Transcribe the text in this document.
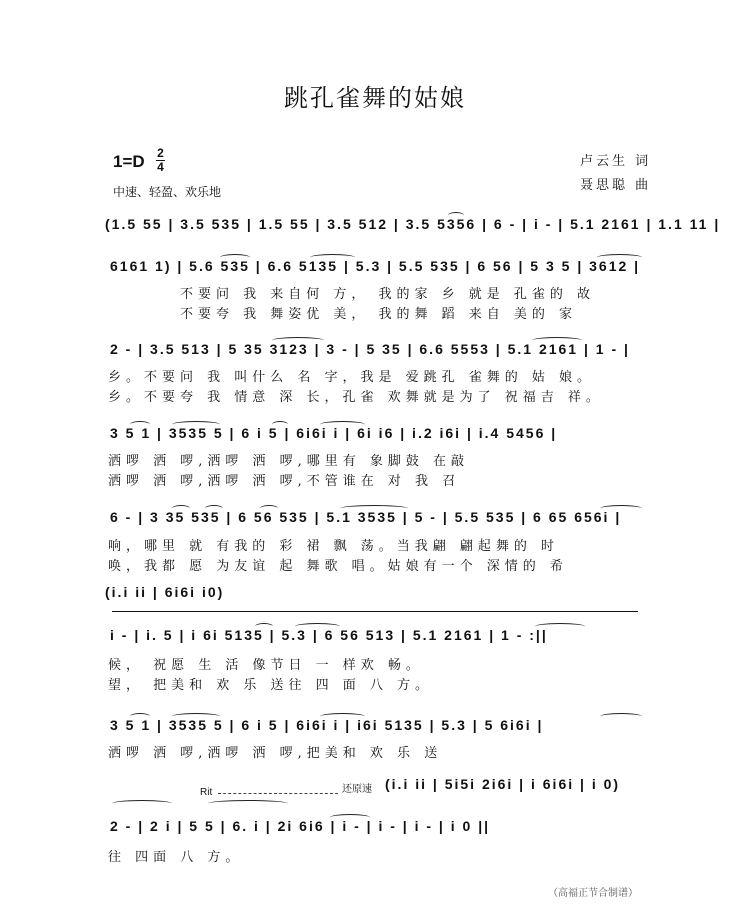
跳孔雀舞的姑娘
1=D 2
4
中速、轻盈、欢乐地
卢云生 词
聂思聪 曲
(1.5 55 | 3.5 535 | 1.5 55 | 3.5 512 | 3.5 5356 | 6 - | i - | 5.1 2161 | 1.1 11 |
6161 1) | 5.6 535 | 6.6 5135 | 5.3 | 5.5 535 | 6 56 | 5 3 5 | 3612 |
不要问 我 来自何 方， 我的家 乡 就是 孔雀的 故
不要夸 我 舞姿优 美， 我的舞 蹈 来自 美的 家
2 - | 3.5 513 | 5 35 3123 | 3 - | 5 35 | 6.6 5553 | 5.1 2161 | 1 - |
乡。不要问 我 叫什么 名 字，我是 爱跳孔 雀舞的 姑 娘。
乡。不要夸 我 情意 深 长，孔雀 欢舞就是为了 祝福吉 祥。
3 5 1 | 3535 5 | 6 i 5 | 6i6i i | 6i i6 | i.2 i6i | i.4 5456 |
洒啰 洒 啰,洒啰 洒 啰,哪里有 象脚鼓 在敲
洒啰 洒 啰,洒啰 洒 啰,不管谁在 对 我 召
6 - | 3 35 535 | 6 56 535 | 5.1 3535 | 5 - | 5.5 535 | 6 65 656i |
响，哪里 就 有我的 彩 裙 飘 荡。当我翩 翩起舞的 时
唤，我都 愿 为友谊 起 舞歌 唱。姑娘有一个 深情的 希
(i.i ii | 6i6i i0)
i - | i. 5 | i 6i 5135 | 5.3 | 6 56 513 | 5.1 2161 | 1 - :||
候， 祝愿 生 活 像节日 一 样欢 畅。
望， 把美和 欢 乐 送往 四 面 八 方。
3 5 1 | 3535 5 | 6 i 5 | 6i6i i | i6i 5135 | 5.3 | 5 6i6i |
洒啰 洒 啰,洒啰 洒 啰,把美和 欢 乐 送
Rit	还原速 (i.i ii | 5i5i 2i6i | i 6i6i | i 0)
2 - | 2 i | 5 5 | 6. i | 2i 6i6 | i - | i - | i - | i 0 ||
往 四面 八 方。
（高福正节合制谱）
